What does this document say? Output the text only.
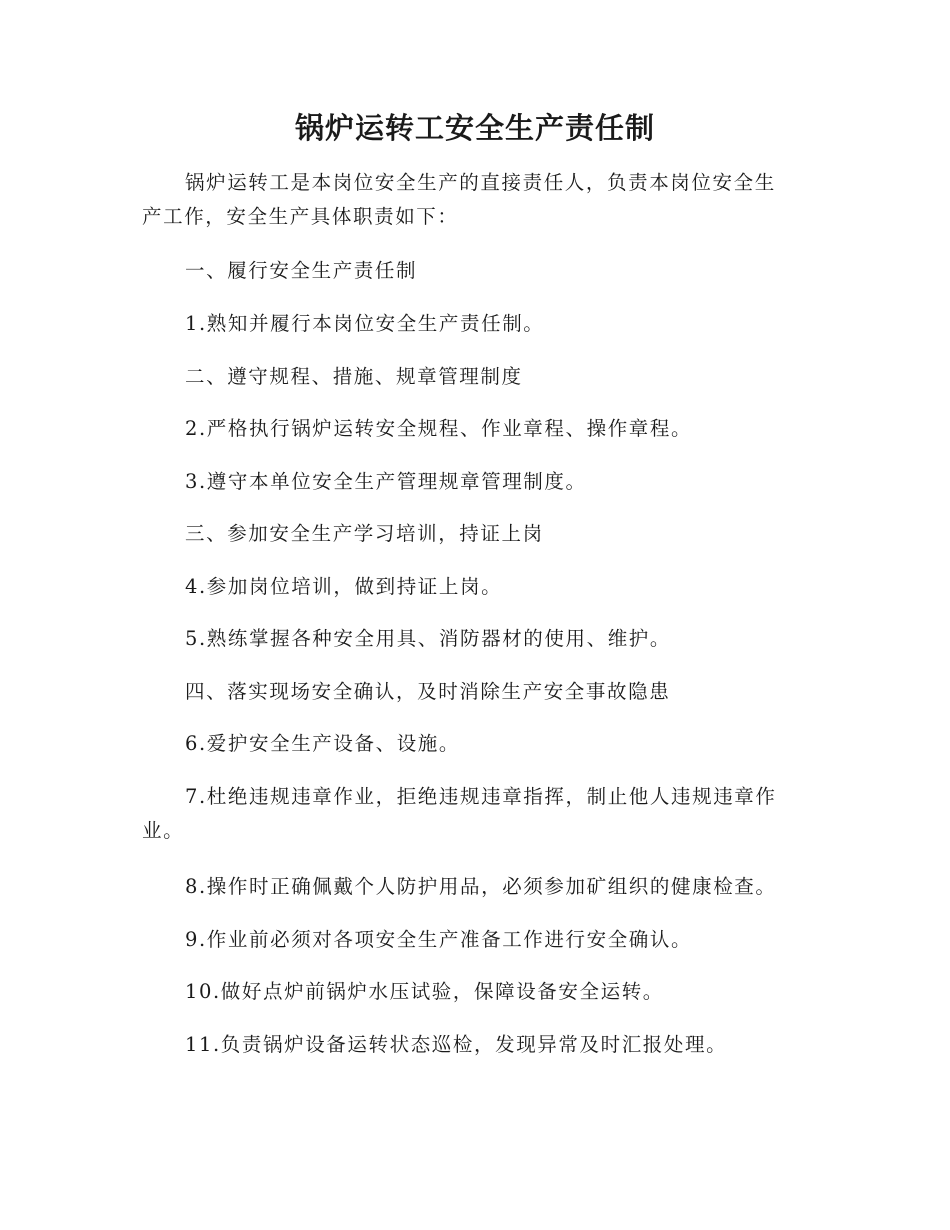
锅炉运转工安全生产责任制
锅炉运转工是本岗位安全生产的直接责任人，负责本岗位安全生
产工作，安全生产具体职责如下：
一、履行安全生产责任制
1.熟知并履行本岗位安全生产责任制。
二、遵守规程、措施、规章管理制度
2.严格执行锅炉运转安全规程、作业章程、操作章程。
3.遵守本单位安全生产管理规章管理制度。
三、参加安全生产学习培训，持证上岗
4.参加岗位培训，做到持证上岗。
5.熟练掌握各种安全用具、消防器材的使用、维护。
四、落实现场安全确认，及时消除生产安全事故隐患
6.爱护安全生产设备、设施。
7.杜绝违规违章作业，拒绝违规违章指挥，制止他人违规违章作
业。
8.操作时正确佩戴个人防护用品，必须参加矿组织的健康检查。
9.作业前必须对各项安全生产准备工作进行安全确认。
10.做好点炉前锅炉水压试验，保障设备安全运转。
11.负责锅炉设备运转状态巡检，发现异常及时汇报处理。
